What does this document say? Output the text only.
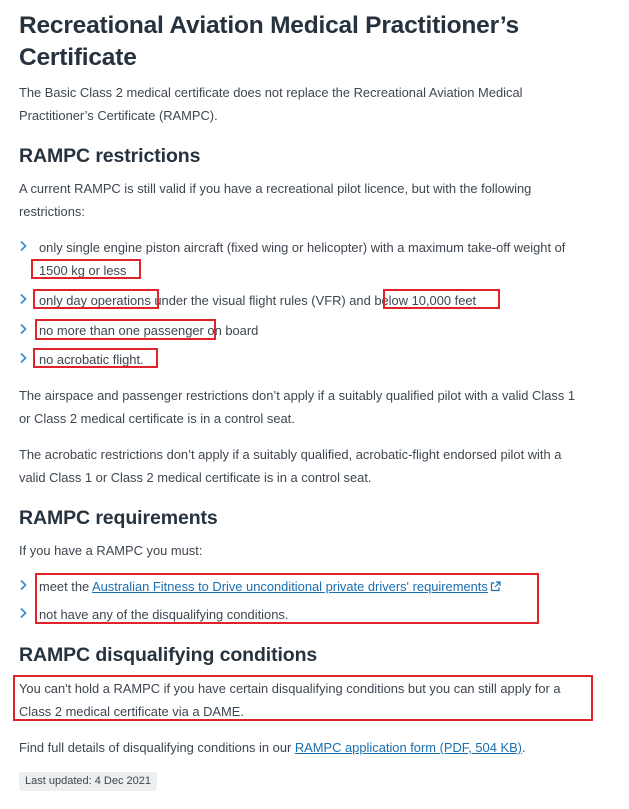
Recreational Aviation Medical Practitioner’s
Certificate
The Basic Class 2 medical certificate does not replace the Recreational Aviation Medical
Practitioner’s Certificate (RAMPC).
RAMPC restrictions
A current RAMPC is still valid if you have a recreational pilot licence, but with the following
restrictions:
only single engine piston aircraft (fixed wing or helicopter) with a maximum take-off weight of
1500 kg or less
only day operations under the visual flight rules (VFR) and below 10,000 feet
no more than one passenger on board
no acrobatic flight.
The airspace and passenger restrictions don’t apply if a suitably qualified pilot with a valid Class 1
or Class 2 medical certificate is in a control seat.
The acrobatic restrictions don’t apply if a suitably qualified, acrobatic-flight endorsed pilot with a
valid Class 1 or Class 2 medical certificate is in a control seat.
RAMPC requirements
If you have a RAMPC you must:
meet the Australian Fitness to Drive unconditional private drivers' requirements
not have any of the disqualifying conditions.
RAMPC disqualifying conditions
You can't hold a RAMPC if you have certain disqualifying conditions but you can still apply for a
Class 2 medical certificate via a DAME.
Find full details of disqualifying conditions in our RAMPC application form (PDF, 504 KB).
Last updated: 4 Dec 2021
